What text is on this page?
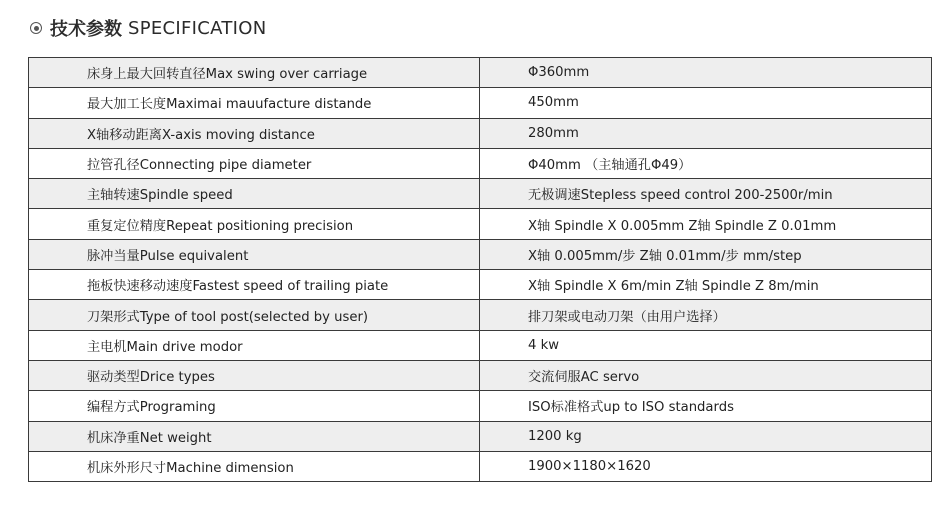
技术参数 SPECIFICATION
床身上最大回转直径Max swing over carriage	Φ360mm
最大加工长度Maximai mauufacture distande	450mm
X轴移动距离X-axis moving distance	280mm
拉管孔径Connecting pipe diameter	Φ40mm （主轴通孔Φ49）
主轴转速Spindle speed	无极调速Stepless speed control 200-2500r/min
重复定位精度Repeat positioning precision	X轴 Spindle X 0.005mm Z轴 Spindle Z 0.01mm
脉冲当量Pulse equivalent	X轴 0.005mm/步 Z轴 0.01mm/步 mm/step
拖板快速移动速度Fastest speed of trailing piate	X轴 Spindle X 6m/min Z轴 Spindle Z 8m/min
刀架形式Type of tool post(selected by user)	排刀架或电动刀架（由用户选择）
主电机Main drive modor	4 kw
驱动类型Drice types	交流伺服AC servo
编程方式Programing	ISO标准格式up to ISO standards
机床净重Net weight	1200 kg
机床外形尺寸Machine dimension	1900×1180×1620
